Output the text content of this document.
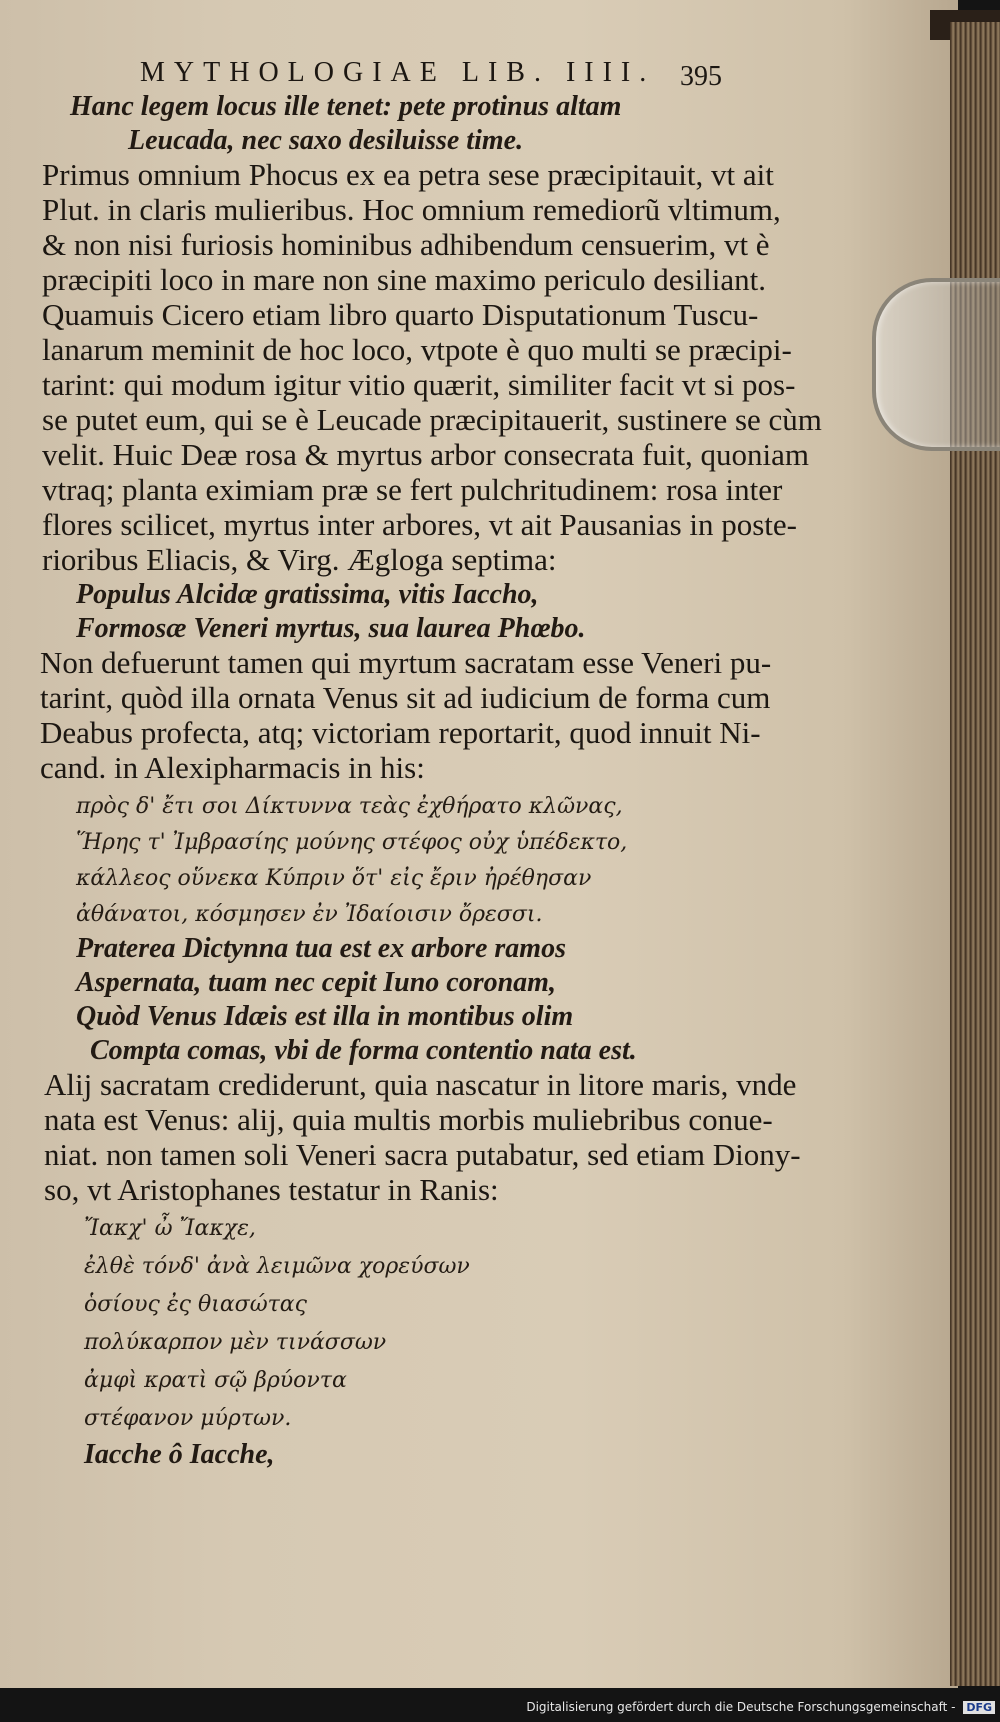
MYTHOLOGIAE LIB. IIII. 395
Hanc legem locus ille tenet: pete protinus altam
Leucada, nec saxo desiluisse time.
Primus omnium Phocus ex ea petra sese præcipitauit, vt ait
Plut. in claris mulieribus. Hoc omnium remediorũ vltimum,
& non nisi furiosis hominibus adhibendum censuerim, vt è
præcipiti loco in mare non sine maximo periculo desiliant.
Quamuis Cicero etiam libro quarto Disputationum Tuscu-
lanarum meminit de hoc loco, vtpote è quo multi se præcipi-
tarint: qui modum igitur vitio quærit, similiter facit vt si pos-
se putet eum, qui se è Leucade præcipitauerit, sustinere se cùm
velit. Huic Deæ rosa & myrtus arbor consecrata fuit, quoniam
vtraq; planta eximiam præ se fert pulchritudinem: rosa inter
flores scilicet, myrtus inter arbores, vt ait Pausanias in poste-
rioribus Eliacis, & Virg. Ægloga septima:
Populus Alcidæ gratissima, vitis Iaccho,
Formosæ Veneri myrtus, sua laurea Phœbo.
Non defuerunt tamen qui myrtum sacratam esse Veneri pu-
tarint, quòd illa ornata Venus sit ad iudicium de forma cum
Deabus profecta, atq; victoriam reportarit, quod innuit Ni-
cand. in Alexipharmacis in his:
πρὸς δ' ἔτι σοι Δίκτυννα τεὰς ἐχθήρατο κλῶνας,
Ἥρης τ' Ἰμβρασίης μούνης στέφος οὐχ ὑπέδεκτο,
κάλλεος οὕνεκα Κύπριν ὅτ' εἰς ἔριν ἠρέθησαν
ἀθάνατοι, κόσμησεν ἐν Ἰδαίοισιν ὄρεσσι.
Praterea Dictynna tua est ex arbore ramos
Aspernata, tuam nec cepit Iuno coronam,
Quòd Venus Idæis est illa in montibus olim
Compta comas, vbi de forma contentio nata est.
Alij sacratam crediderunt, quia nascatur in litore maris, vnde
nata est Venus: alij, quia multis morbis muliebribus conue-
niat. non tamen soli Veneri sacra putabatur, sed etiam Diony-
so, vt Aristophanes testatur in Ranis:
Ἴακχ' ὦ Ἴακχε,
ἐλθὲ τόνδ' ἀνὰ λειμῶνα χορεύσων
ὁσίους ἐς θιασώτας
πολύκαρπον μὲν τινάσσων
ἀμφὶ κρατὶ σῷ βρύοντα
στέφανον μύρτων.
Iacche ô Iacche,
Digitalisierung gefördert durch die Deutsche Forschungsgemeinschaft - DFG
